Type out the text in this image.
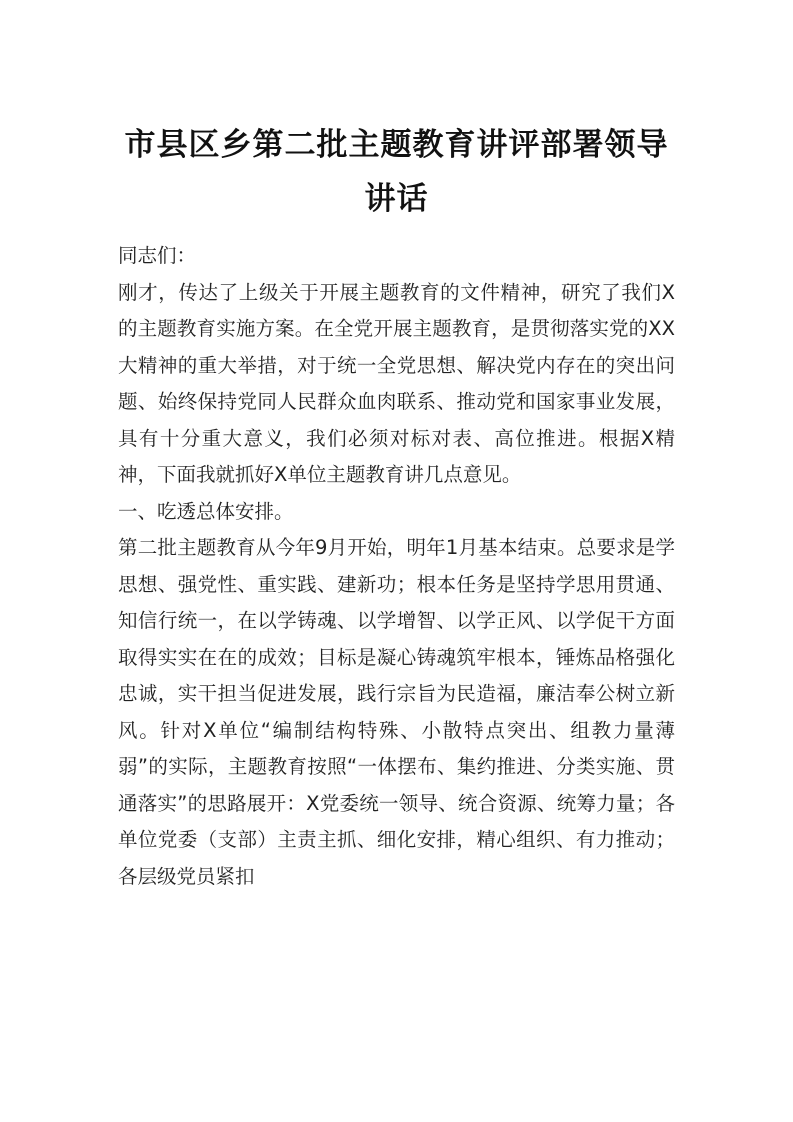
市县区乡第二批主题教育讲评部署领导讲话

同志们：

刚才，传达了上级关于开展主题教育的文件精神，研究了我们X的主题教育实施方案。在全党开展主题教育，是贯彻落实党的XX大精神的重大举措，对于统一全党思想、解决党内存在的突出问题、始终保持党同人民群众血肉联系、推动党和国家事业发展，具有十分重大意义，我们必须对标对表、高位推进。根据X精神，下面我就抓好X单位主题教育讲几点意见。

一、吃透总体安排。

第二批主题教育从今年9月开始，明年1月基本结束。总要求是学思想、强党性、重实践、建新功；根本任务是坚持学思用贯通、知信行统一，在以学铸魂、以学增智、以学正风、以学促干方面取得实实在在的成效；目标是凝心铸魂筑牢根本，锤炼品格强化忠诚，实干担当促进发展，践行宗旨为民造福，廉洁奉公树立新风。针对X单位“编制结构特殊、小散特点突出、组教力量薄弱”的实际，主题教育按照“一体摆布、集约推进、分类实施、贯通落实”的思路展开：X党委统一领导、统合资源、统筹力量；各单位党委（支部）主责主抓、细化安排，精心组织、有力推动；各层级党员紧扣
